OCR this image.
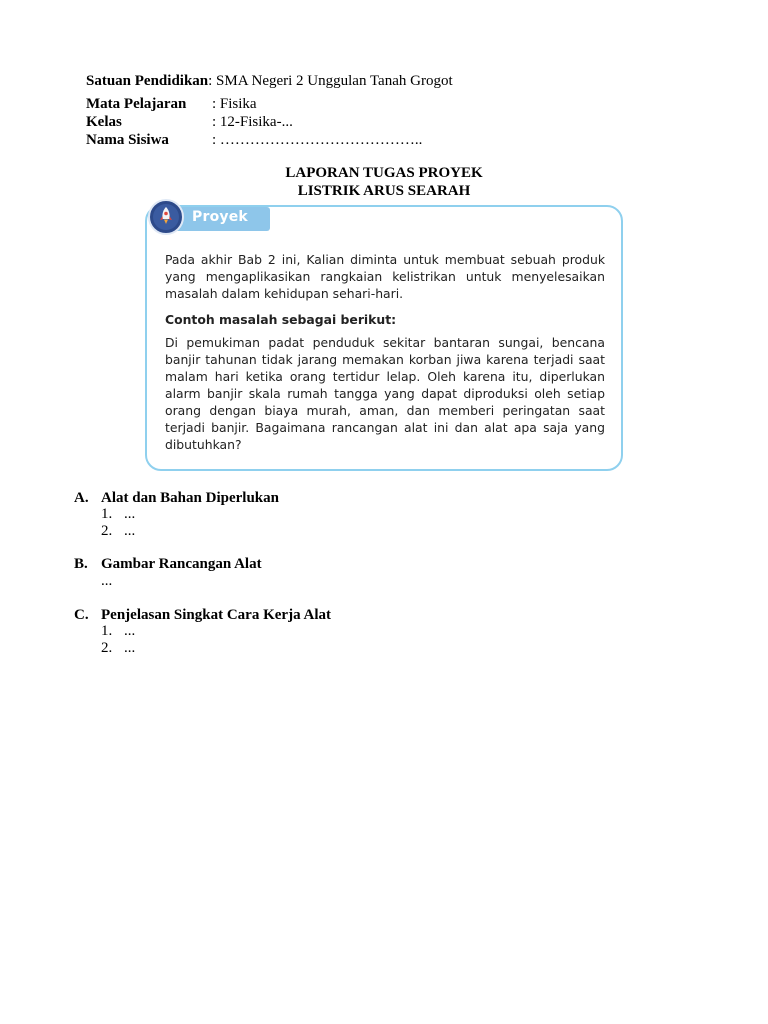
Satuan Pendidikan: SMA Negeri 2 Unggulan Tanah Grogot
Mata Pelajaran : Fisika
Kelas	: 12-Fisika-...
Nama Sisiwa	: …………………………………..
LAPORAN TUGAS PROYEK
LISTRIK ARUS SEARAH
Proyek
Pada akhir Bab 2 ini, Kalian diminta untuk membuat sebuah produk yang mengaplikasikan rangkaian kelistrikan untuk menyelesaikan masalah dalam kehidupan sehari-hari.
Contoh masalah sebagai berikut:
Di pemukiman padat penduduk sekitar bantaran sungai, bencana banjir tahunan tidak jarang memakan korban jiwa karena terjadi saat malam hari ketika orang tertidur lelap. Oleh karena itu, diperlukan alarm banjir skala rumah tangga yang dapat diproduksi oleh setiap orang dengan biaya murah, aman, dan memberi peringatan saat terjadi banjir. Bagaimana rancangan alat ini dan alat apa saja yang dibutuhkan?
A. Alat dan Bahan Diperlukan
1. ...
2. ...
B. Gambar Rancangan Alat
...
C. Penjelasan Singkat Cara Kerja Alat
1. ...
2. ...
